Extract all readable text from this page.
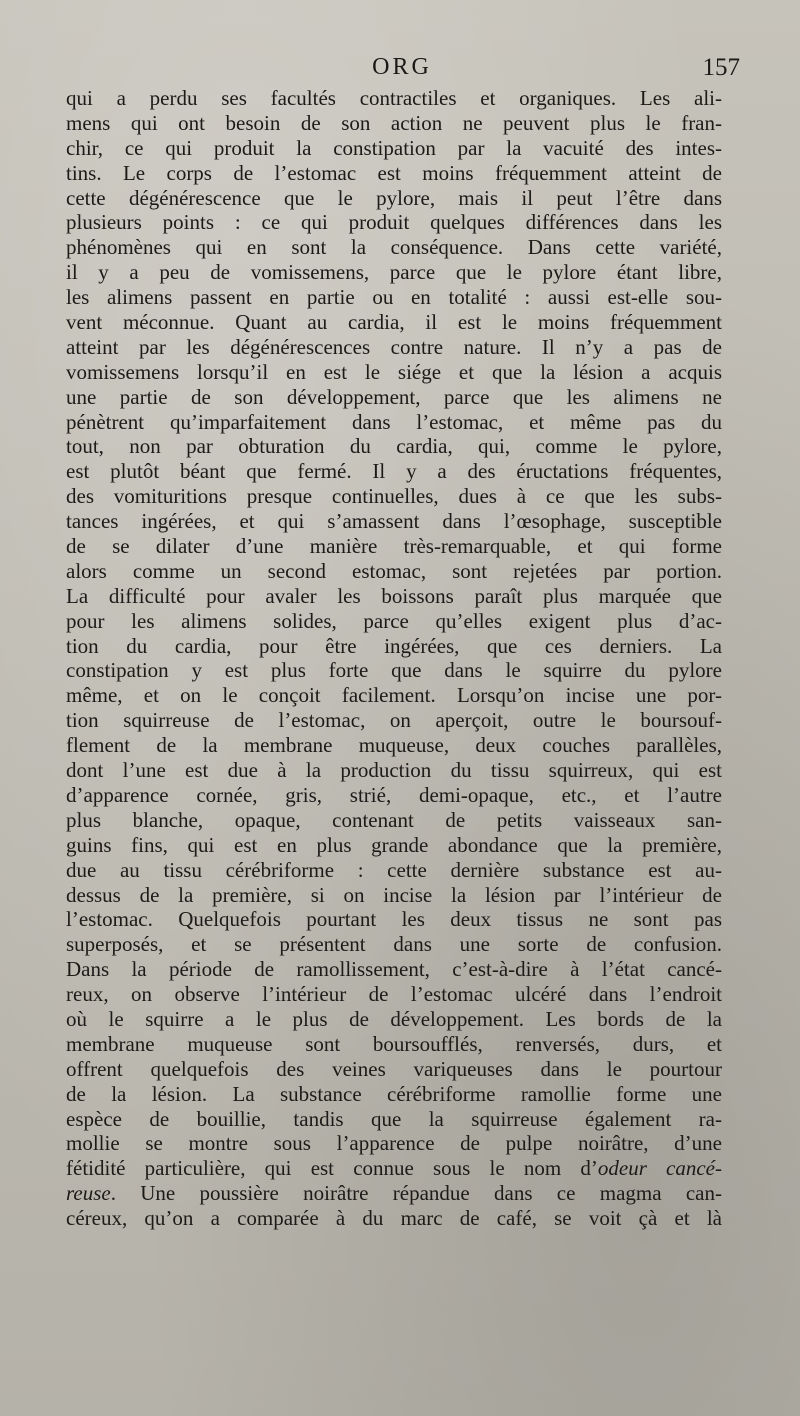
ORG	157
qui a perdu ses facultés contractiles et organiques. Les ali-
mens qui ont besoin de son action ne peuvent plus le fran-
chir, ce qui produit la constipation par la vacuité des intes-
tins. Le corps de l’estomac est moins fréquemment atteint de
cette dégénérescence que le pylore, mais il peut l’être dans
plusieurs points : ce qui produit quelques différences dans les
phénomènes qui en sont la conséquence. Dans cette variété,
il y a peu de vomissemens, parce que le pylore étant libre,
les alimens passent en partie ou en totalité : aussi est-elle sou-
vent méconnue. Quant au cardia, il est le moins fréquemment
atteint par les dégénérescences contre nature. Il n’y a pas de
vomissemens lorsqu’il en est le siége et que la lésion a acquis
une partie de son développement, parce que les alimens ne
pénètrent qu’imparfaitement dans l’estomac, et même pas du
tout, non par obturation du cardia, qui, comme le pylore,
est plutôt béant que fermé. Il y a des éructations fréquentes,
des vomituritions presque continuelles, dues à ce que les subs-
tances ingérées, et qui s’amassent dans l’œsophage, susceptible
de se dilater d’une manière très-remarquable, et qui forme
alors comme un second estomac, sont rejetées par portion.
La difficulté pour avaler les boissons paraît plus marquée que
pour les alimens solides, parce qu’elles exigent plus d’ac-
tion du cardia, pour être ingérées, que ces derniers. La
constipation y est plus forte que dans le squirre du pylore
même, et on le conçoit facilement. Lorsqu’on incise une por-
tion squirreuse de l’estomac, on aperçoit, outre le boursouf-
flement de la membrane muqueuse, deux couches parallèles,
dont l’une est due à la production du tissu squirreux, qui est
d’apparence cornée, gris, strié, demi-opaque, etc., et l’autre
plus blanche, opaque, contenant de petits vaisseaux san-
guins fins, qui est en plus grande abondance que la première,
due au tissu cérébriforme : cette dernière substance est au-
dessus de la première, si on incise la lésion par l’intérieur de
l’estomac. Quelquefois pourtant les deux tissus ne sont pas
superposés, et se présentent dans une sorte de confusion.
Dans la période de ramollissement, c’est-à-dire à l’état cancé-
reux, on observe l’intérieur de l’estomac ulcéré dans l’endroit
où le squirre a le plus de développement. Les bords de la
membrane muqueuse sont boursoufflés, renversés, durs, et
offrent quelquefois des veines variqueuses dans le pourtour
de la lésion. La substance cérébriforme ramollie forme une
espèce de bouillie, tandis que la squirreuse également ra-
mollie se montre sous l’apparence de pulpe noirâtre, d’une
fétidité particulière, qui est connue sous le nom d’odeur cancé-
reuse. Une poussière noirâtre répandue dans ce magma can-
céreux, qu’on a comparée à du marc de café, se voit çà et là
